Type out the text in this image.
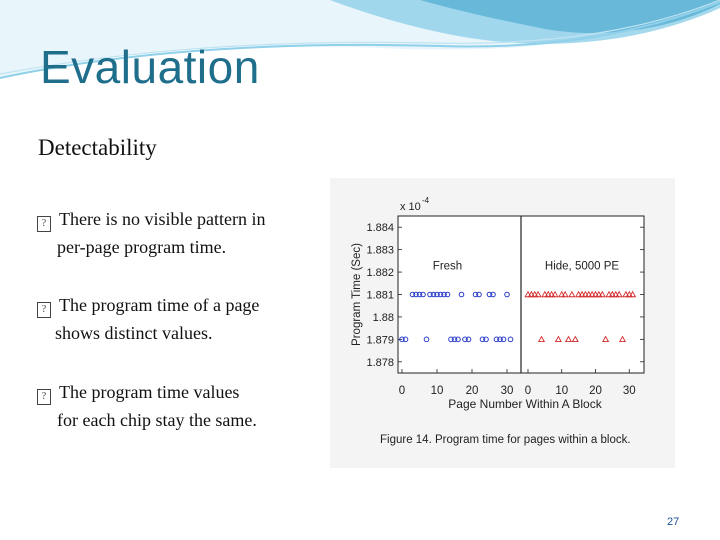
Evaluation
Detectability
? There is no visible pattern in
per-page program time.
? The program time of a page
shows distinct values.
? The program time values
for each chip stay the same.
1.878
1.879
1.88
1.881
1.882
1.883
1.884
x 10
-4
Program Time (Sec)
0 10 20 30
Fresh
0 10 20 30
Hide, 5000 PE
Page Number Within A Block
Figure 14. Program time for pages within a block.
27
